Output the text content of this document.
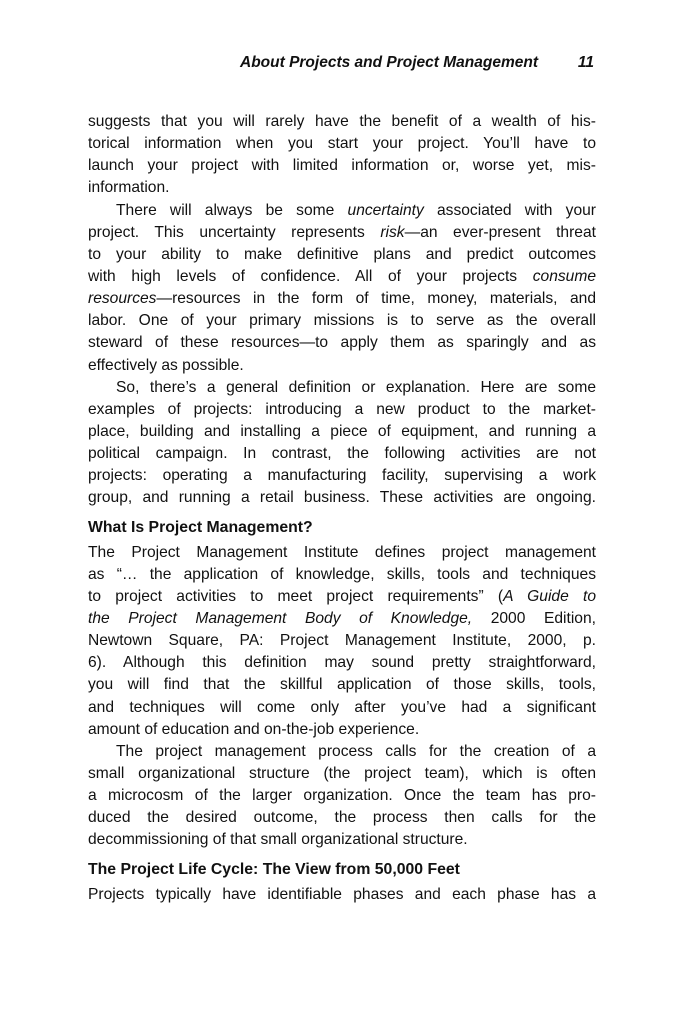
About Projects and Project Management	11
suggests that you will rarely have the benefit of a wealth of his-
torical information when you start your project. You’ll have to
launch your project with limited information or, worse yet, mis-
information.
There will always be some uncertainty associated with your
project. This uncertainty represents risk—an ever-present threat
to your ability to make definitive plans and predict outcomes
with high levels of confidence. All of your projects consume
resources—resources in the form of time, money, materials, and
labor. One of your primary missions is to serve as the overall
steward of these resources—to apply them as sparingly and as
effectively as possible.
So, there’s a general definition or explanation. Here are some
examples of projects: introducing a new product to the market-
place, building and installing a piece of equipment, and running a
political campaign. In contrast, the following activities are not
projects: operating a manufacturing facility, supervising a work
group, and running a retail business. These activities are ongoing.
What Is Project Management?
The Project Management Institute defines project management
as “… the application of knowledge, skills, tools and techniques
to project activities to meet project requirements” (A Guide to
the Project Management Body of Knowledge, 2000 Edition,
Newtown Square, PA: Project Management Institute, 2000, p.
6). Although this definition may sound pretty straightforward,
you will find that the skillful application of those skills, tools,
and techniques will come only after you’ve had a significant
amount of education and on-the-job experience.
The project management process calls for the creation of a
small organizational structure (the project team), which is often
a microcosm of the larger organization. Once the team has pro-
duced the desired outcome, the process then calls for the
decommissioning of that small organizational structure.
The Project Life Cycle: The View from 50,000 Feet
Projects typically have identifiable phases and each phase has a
